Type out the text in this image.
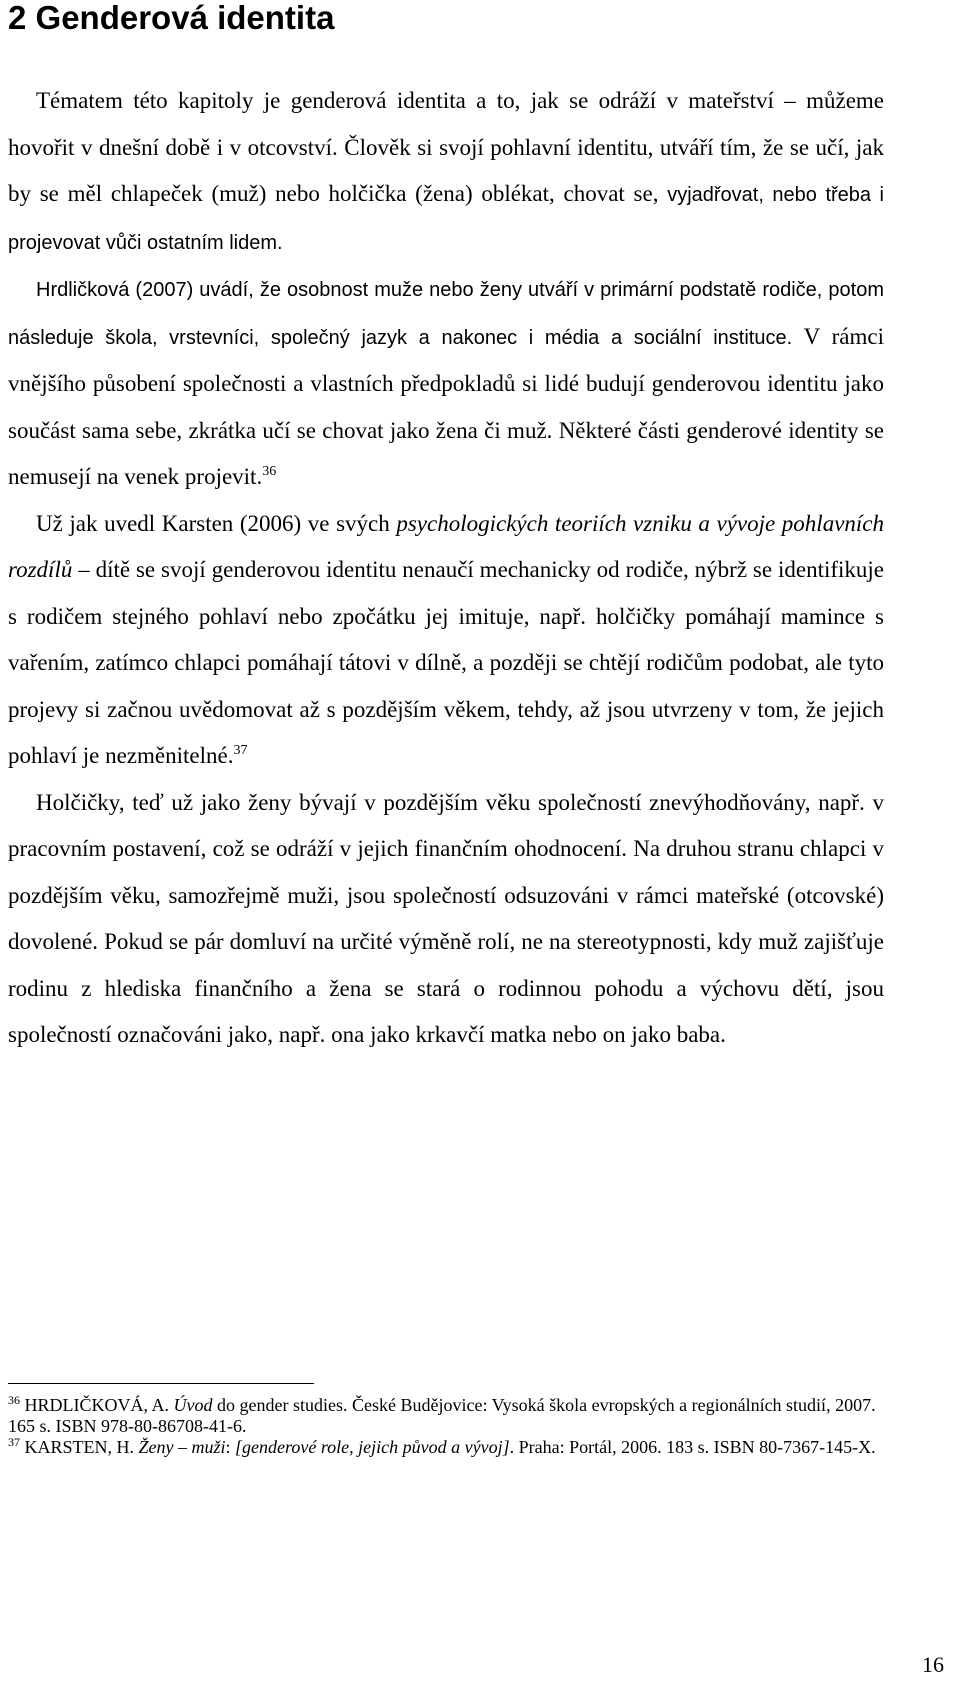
2 Genderová identita

Tématem této kapitoly je genderová identita a to, jak se odráží v mateřství – můžeme hovořit v dnešní době i v otcovství. Člověk si svojí pohlavní identitu, utváří tím, že se učí, jak by se měl chlapeček (muž) nebo holčička (žena) oblékat, chovat se, vyjadřovat, nebo třeba i projevovat vůči ostatním lidem.

Hrdličková (2007) uvádí, že osobnost muže nebo ženy utváří v primární podstatě rodiče, potom následuje škola, vrstevníci, společný jazyk a nakonec i média a sociální instituce. V rámci vnějšího působení společnosti a vlastních předpokladů si lidé budují genderovou identitu jako součást sama sebe, zkrátka učí se chovat jako žena či muž. Některé části genderové identity se nemusejí na venek projevit.$^{36}$

Už jak uvedl Karsten (2006) ve svých psychologických teoriích vzniku a vývoje pohlavních rozdílů – dítě se svojí genderovou identitu nenaučí mechanicky od rodiče, nýbrž se identifikuje s rodičem stejného pohlaví nebo zpočátku jej imituje, např. holčičky pomáhají mamince s vařením, zatímco chlapci pomáhají tátovi v dílně, a později se chtějí rodičům podobat, ale tyto projevy si začnou uvědomovat až s pozdějším věkem, tehdy, až jsou utvrzeny v tom, že jejich pohlaví je nezměnitelné.$^{37}$

Holčičky, teď už jako ženy bývají v pozdějším věku společností znevýhodňovány, např. v pracovním postavení, což se odráží v jejich finančním ohodnocení. Na druhou stranu chlapci v pozdějším věku, samozřejmě muži, jsou společností odsuzováni v rámci mateřské (otcovské) dovolené. Pokud se pár domluví na určité výměně rolí, ne na stereotypnosti, kdy muž zajišťuje rodinu z hlediska finančního a žena se stará o rodinnou pohodu a výchovu dětí, jsou společností označováni jako, např. ona jako krkavčí matka nebo on jako baba.

$^{36}$ HRDLIČKOVÁ, A. Úvod do gender studies. České Budějovice: Vysoká škola evropských a regionálních studií, 2007. 165 s. ISBN 978-80-86708-41-6.

$^{37}$ KARSTEN, H. Ženy – muži: [genderové role, jejich původ a vývoj]. Praha: Portál, 2006. 183 s. ISBN 80-7367-145-X.

16
